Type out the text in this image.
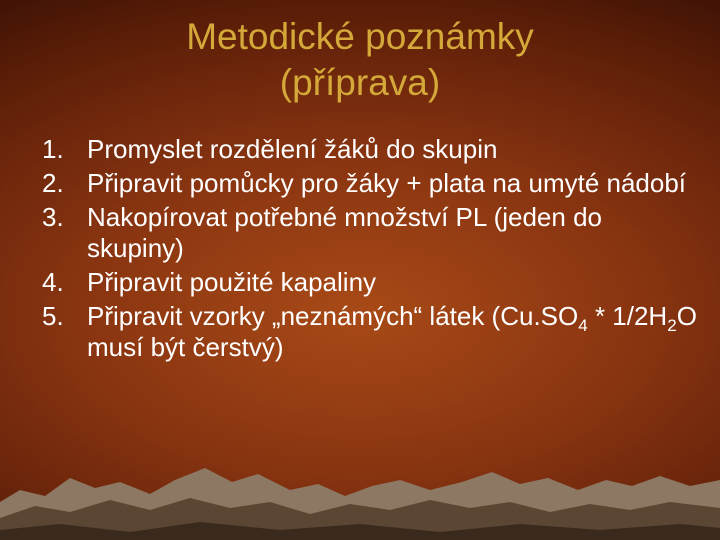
Metodické poznámky
(příprava)
1. Promyslet rozdělení žáků do skupin
2. Připravit pomůcky pro žáky + plata na umyté nádobí
3. Nakopírovat potřebné množství PL (jeden do skupiny)
4. Připravit použité kapaliny
5. Připravit vzorky „neznámých“ látek ($Cu.SO_4 * 1/2H_2O$ musí být čerstvý)
